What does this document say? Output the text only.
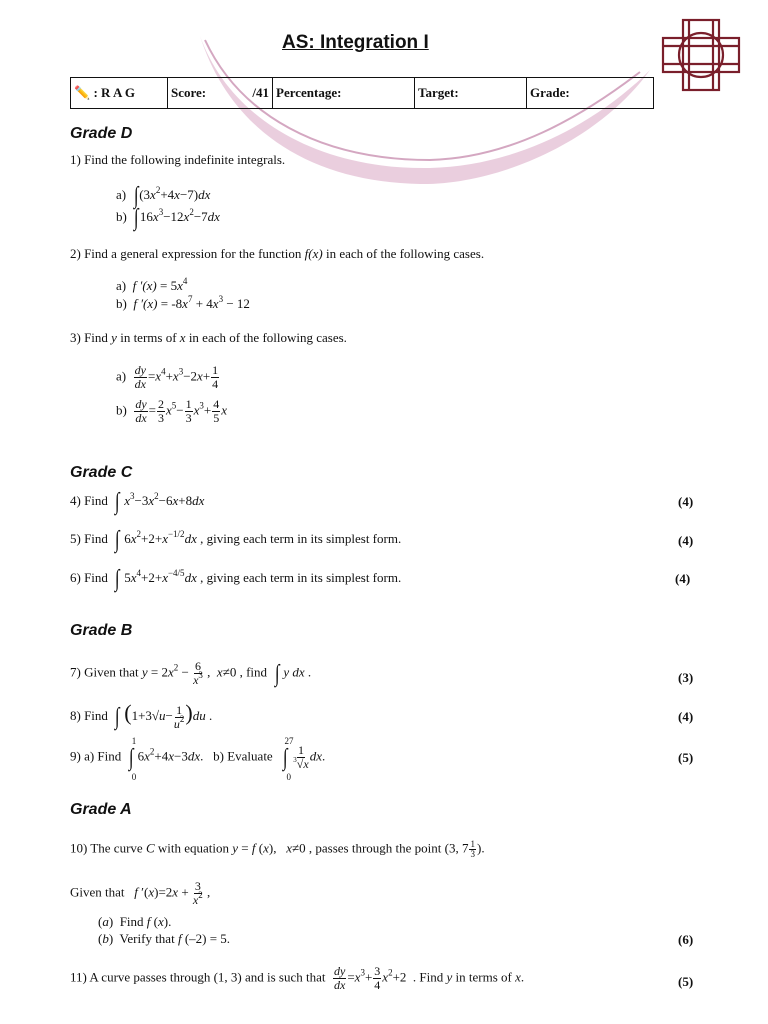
AS: Integration I
✏️ : R A G	Score:	/41	Percentage:	Target:	Grade:
Grade D
1) Find the following indefinite integrals.
a)  $\int(3x^2+4x-7)dx$
b)  $\int 16x^3-12x^2-7dx$
2) Find a general expression for the function f(x) in each of the following cases.
a)  f $'(x) = 5x^4$
b)  f $'(x) = -8x^7 + 4x^3 - 12$
3) Find y in terms of x in each of the following cases.
$a) \frac{dy}{dx} =x^4+x^3-2x+ \frac{1}{4}$
$b) \frac{dy}{dx} = \frac{2}{3} x^5- \frac{1}{3} x^3+ \frac{4}{5}$ x
Grade C
4) Find ∫ $x^3-3x^2-6x+8dx$	(4)
5) Find ∫ $6x^2+2+x^{-1/2}dx$ , giving each term in its simplest form.	(4)
6) Find ∫ $5x^4+2+x^{-4/5}dx$ , giving each term in its simplest form.	(4)
Grade B
7) Given that $y = 2x^2 - \frac{6}{x^3}$ ,  x≠0 , find ∫ y dx .	(3)
8) Find ∫ $(1+3√u- \frac{1}{u^2} )du$ .	(4)
9) a) Find
1
∫
0
$6x^2+4x-3dx$.   b) Evaluate
27
∫
0

$\frac{1}{^3√x}$ dx.	(5)
Grade A
10) The curve C with equation y = f (x),   x≠0 , passes through the point (3, $7 \frac{1}{3}$ ).
Given that f $'(x)=2x + \frac{3}{x^2}$ ,
(a)  Find f (x).
(b)  Verify that f (–2) = 5.	(6)
11) A curve passes through (1, 3) and is such that $\frac{dy}{dx} =x^3+ \frac{3}{4} x^2+2$  . Find y in terms of x.	(5)
